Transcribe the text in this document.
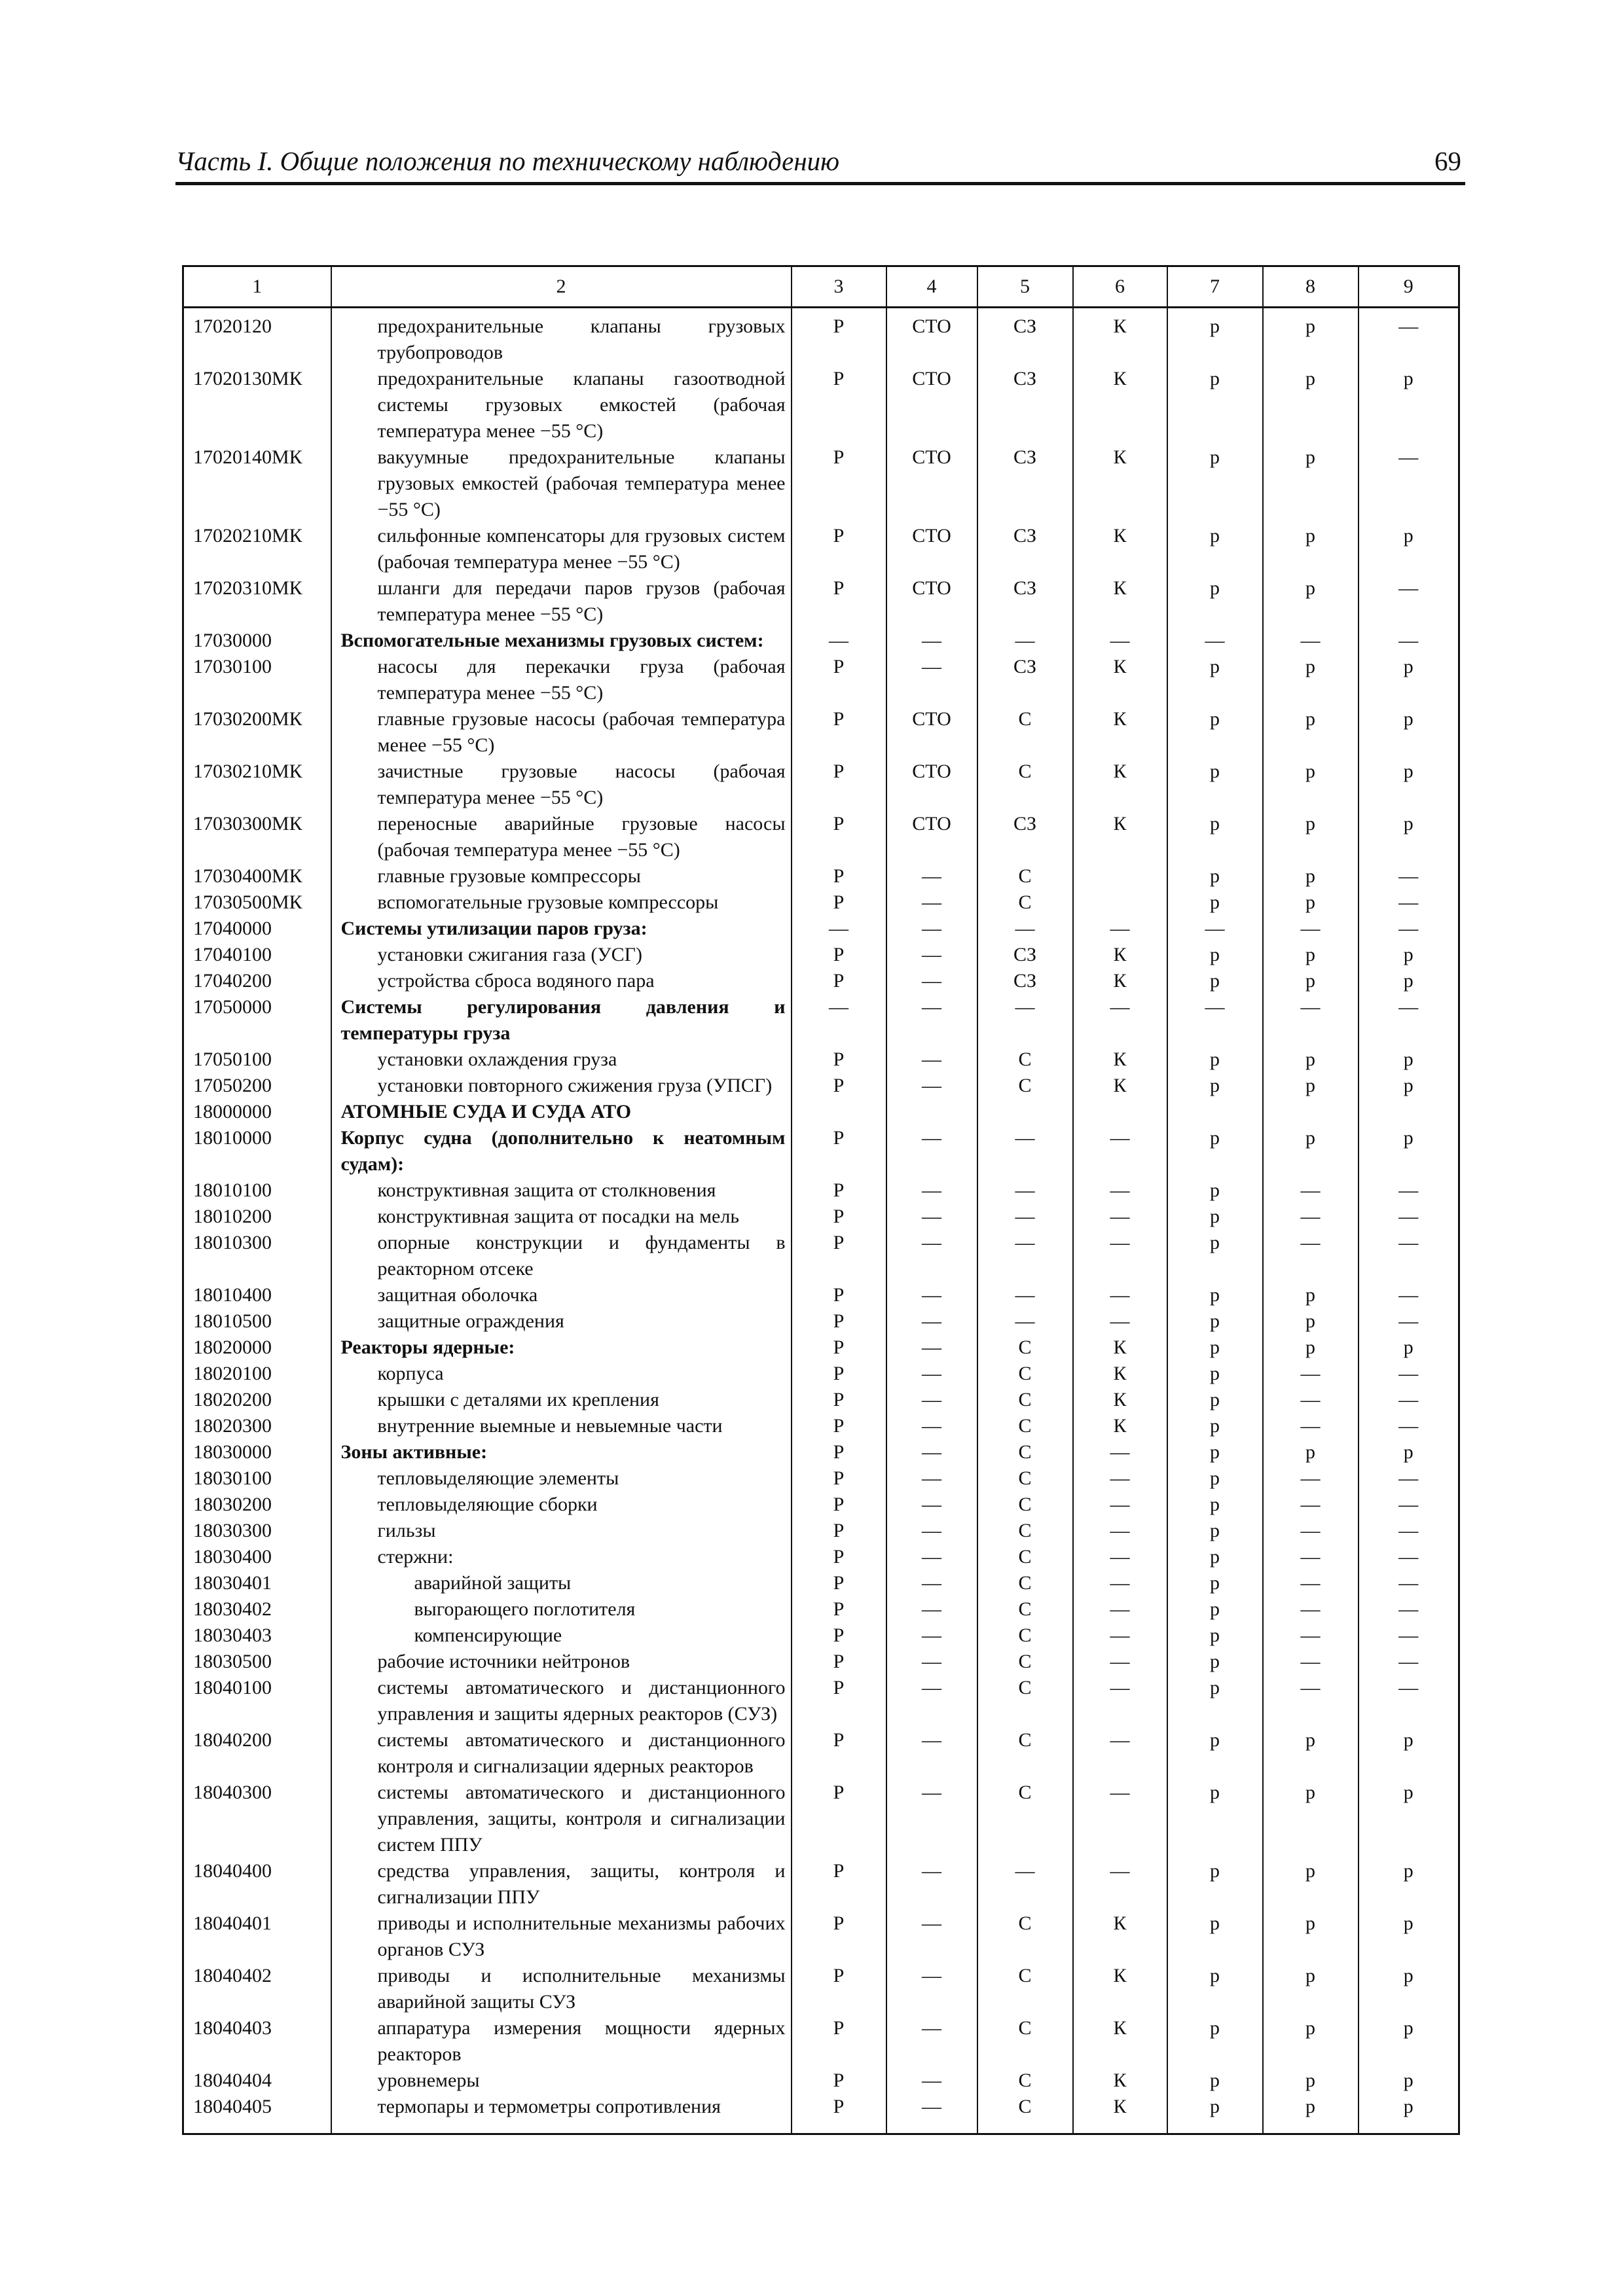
Часть I. Общие положения по техническому наблюдению	69
1	2	3	4	5	6	7	8	9
17020120	предохранительные клапаны грузовых трубопроводов	Р	СТО	СЗ	К	р	р	—
17020130МК	предохранительные клапаны газоотводной системы грузовых емкостей (рабочая температура менее −55 °С)	Р	СТО	СЗ	К	р	р	р
17020140МК	вакуумные предохранительные клапаны грузовых емкостей (рабочая температура менее −55 °С)	Р	СТО	СЗ	К	р	р	—
17020210МК	сильфонные компенсаторы для грузовых систем (рабочая температура менее −55 °С)	Р	СТО	СЗ	К	р	р	р
17020310МК	шланги для передачи паров грузов (рабочая температура менее −55 °С)	Р	СТО	СЗ	К	р	р	—
17030000	Вспомогательные механизмы грузовых систем:	—	—	—	—	—	—	—
17030100	насосы для перекачки груза (рабочая температура менее −55 °С)	Р	—	СЗ	К	р	р	р
17030200МК	главные грузовые насосы (рабочая температура менее −55 °С)	Р	СТО	С	К	р	р	р
17030210МК	зачистные грузовые насосы (рабочая температура менее −55 °С)	Р	СТО	С	К	р	р	р
17030300МК	переносные аварийные грузовые насосы (рабочая температура менее −55 °С)	Р	СТО	СЗ	К	р	р	р
17030400МК	главные грузовые компрессоры	Р	—	С		р	р	—
17030500МК	вспомогательные грузовые компрессоры	Р	—	С		р	р	—
17040000	Системы утилизации паров груза:	—	—	—	—	—	—	—
17040100	установки сжигания газа (УСГ)	Р	—	СЗ	К	р	р	р
17040200	устройства сброса водяного пара	Р	—	СЗ	К	р	р	р
17050000	Системы регулирования давления и температуры груза	—	—	—	—	—	—	—
17050100	установки охлаждения груза	Р	—	С	К	р	р	р
17050200	установки повторного сжижения груза (УПСГ)	Р	—	С	К	р	р	р
18000000	АТОМНЫЕ СУДА И СУДА АТО							
18010000	Корпус судна (дополнительно к неатомным судам):	Р	—	—	—	р	р	р
18010100	конструктивная защита от столкновения	Р	—	—	—	р	—	—
18010200	конструктивная защита от посадки на мель	Р	—	—	—	р	—	—
18010300	опорные конструкции и фундаменты в реакторном отсеке	Р	—	—	—	р	—	—
18010400	защитная оболочка	Р	—	—	—	р	р	—
18010500	защитные ограждения	Р	—	—	—	р	р	—
18020000	Реакторы ядерные:	Р	—	С	К	р	р	р
18020100	корпуса	Р	—	С	К	р	—	—
18020200	крышки с деталями их крепления	Р	—	С	К	р	—	—
18020300	внутренние выемные и невыемные части	Р	—	С	К	р	—	—
18030000	Зоны активные:	Р	—	С	—	р	р	р
18030100	тепловыделяющие элементы	Р	—	С	—	р	—	—
18030200	тепловыделяющие сборки	Р	—	С	—	р	—	—
18030300	гильзы	Р	—	С	—	р	—	—
18030400	стержни:	Р	—	С	—	р	—	—
18030401	аварийной защиты	Р	—	С	—	р	—	—
18030402	выгорающего поглотителя	Р	—	С	—	р	—	—
18030403	компенсирующие	Р	—	С	—	р	—	—
18030500	рабочие источники нейтронов	Р	—	С	—	р	—	—
18040100	системы автоматического и дистанционного управления и защиты ядерных реакторов (СУЗ)	Р	—	С	—	р	—	—
18040200	системы автоматического и дистанционного контроля и сигнализации ядерных реакторов	Р	—	С	—	р	р	р
18040300	системы автоматического и дистанционного управления, защиты, контроля и сигнализации систем ППУ	Р	—	С	—	р	р	р
18040400	средства управления, защиты, контроля и сигнализации ППУ	Р	—	—	—	р	р	р
18040401	приводы и исполнительные механизмы рабочих органов СУЗ	Р	—	С	К	р	р	р
18040402	приводы и исполнительные механизмы аварийной защиты СУЗ	Р	—	С	К	р	р	р
18040403	аппаратура измерения мощности ядерных реакторов	Р	—	С	К	р	р	р
18040404	уровнемеры	Р	—	С	К	р	р	р
18040405	термопары и термометры сопротивления	Р	—	С	К	р	р	р
